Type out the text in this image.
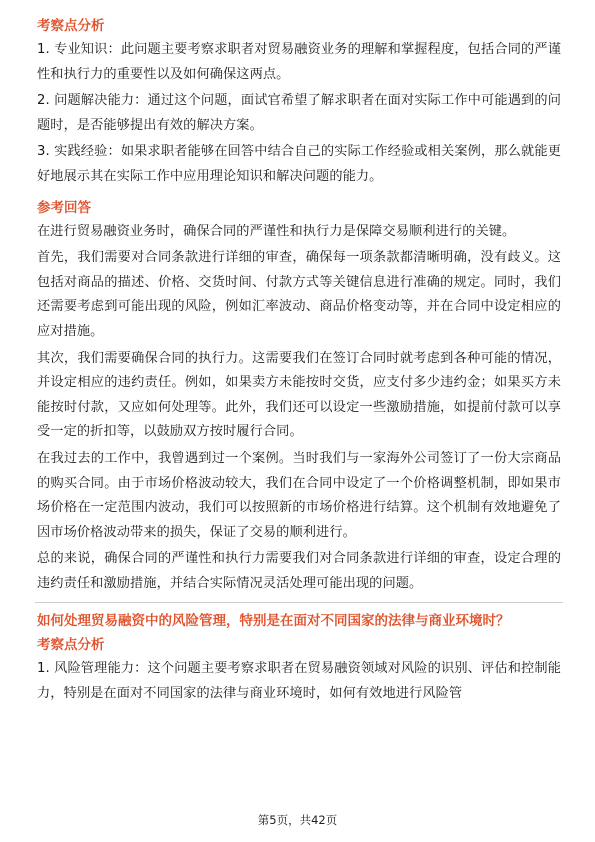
考察点分析

1. 专业知识：此问题主要考察求职者对贸易融资业务的理解和掌握程度，包括合同的严谨性和执行力的重要性以及如何确保这两点。

2. 问题解决能力：通过这个问题，面试官希望了解求职者在面对实际工作中可能遇到的问题时，是否能够提出有效的解决方案。

3. 实践经验：如果求职者能够在回答中结合自己的实际工作经验或相关案例，那么就能更好地展示其在实际工作中应用理论知识和解决问题的能力。

参考回答

在进行贸易融资业务时，确保合同的严谨性和执行力是保障交易顺利进行的关键。

首先，我们需要对合同条款进行详细的审查，确保每一项条款都清晰明确，没有歧义。这包括对商品的描述、价格、交货时间、付款方式等关键信息进行准确的规定。同时，我们还需要考虑到可能出现的风险，例如汇率波动、商品价格变动等，并在合同中设定相应的应对措施。

其次，我们需要确保合同的执行力。这需要我们在签订合同时就考虑到各种可能的情况，并设定相应的违约责任。例如，如果卖方未能按时交货，应支付多少违约金；如果买方未能按时付款，又应如何处理等。此外，我们还可以设定一些激励措施，如提前付款可以享受一定的折扣等，以鼓励双方按时履行合同。

在我过去的工作中，我曾遇到过一个案例。当时我们与一家海外公司签订了一份大宗商品的购买合同。由于市场价格波动较大，我们在合同中设定了一个价格调整机制，即如果市场价格在一定范围内波动，我们可以按照新的市场价格进行结算。这个机制有效地避免了因市场价格波动带来的损失，保证了交易的顺利进行。

总的来说，确保合同的严谨性和执行力需要我们对合同条款进行详细的审查，设定合理的违约责任和激励措施，并结合实际情况灵活处理可能出现的问题。

如何处理贸易融资中的风险管理，特别是在面对不同国家的法律与商业环境时？

考察点分析

1. 风险管理能力：这个问题主要考察求职者在贸易融资领域对风险的识别、评估和控制能力，特别是在面对不同国家的法律与商业环境时，如何有效地进行风险管

第5页，共42页
